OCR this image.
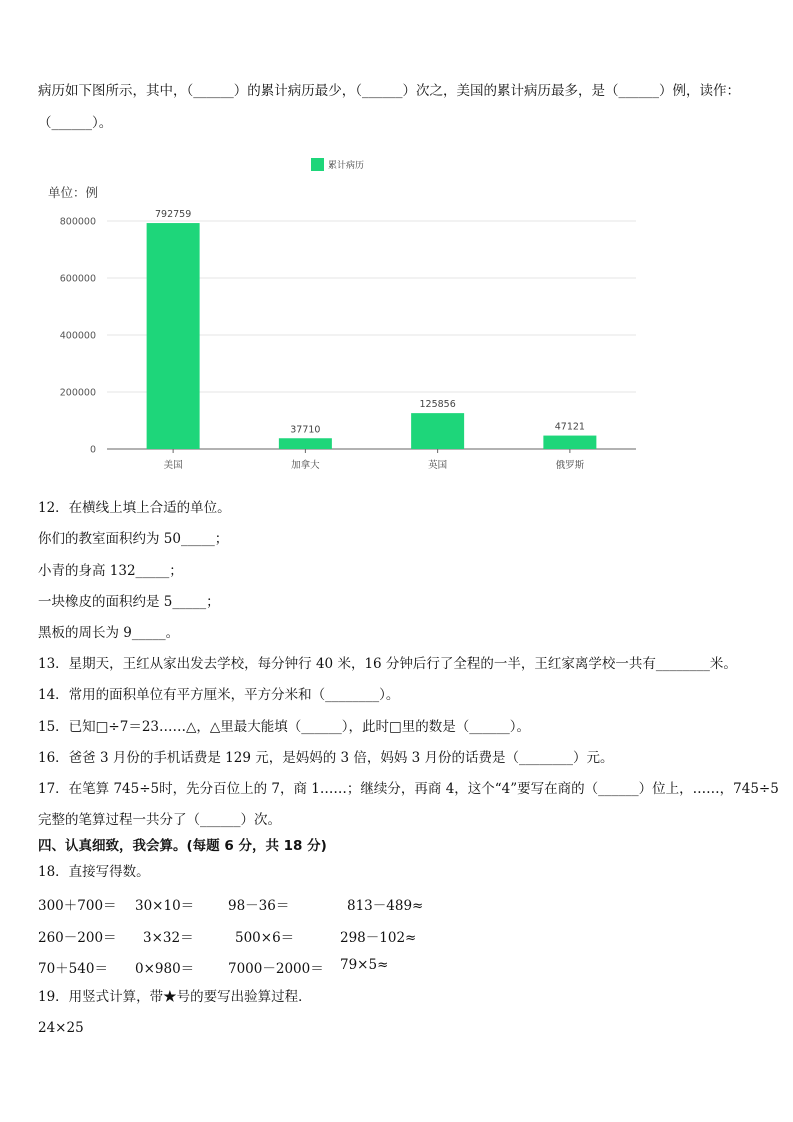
病历如下图所示，其中，（______）的累计病历最少，（______）次之，美国的累计病历最多，是（______）例，读作：
（______）。
累计病历
单位：例
0
200000
400000
600000
800000
792759
美国
37710
加拿大
125856
英国
47121
俄罗斯
12．在横线上填上合适的单位。
你们的教室面积约为 50_____；
小青的身高 132_____；
一块橡皮的面积约是 5_____；
黑板的周长为 9_____。
13．星期天，王红从家出发去学校，每分钟行 40 米，16 分钟后行了全程的一半，王红家离学校一共有________米。
14．常用的面积单位有平方厘米，平方分米和（________）。
15．已知□÷7＝23……△，△里最大能填（______），此时□里的数是（______）。
16．爸爸 3 月份的手机话费是 129 元，是妈妈的 3 倍，妈妈 3 月份的话费是（________）元。
17．在笔算 745÷5时，先分百位上的 7，商 1……；继续分，再商 4，这个“4”要写在商的（______）位上，……，745÷5
完整的笔算过程一共分了（______）次。
四、认真细致，我会算。(每题 6 分，共 18 分)
18．直接写得数。
300＋700＝ 30×10＝	98－36＝	813－489≈
260－200＝ 3×32＝	500×6＝	298－102≈
70＋540＝ 0×980＝	7000－2000＝ 79×5≈
19．用竖式计算，带★号的要写出验算过程．
24×25
